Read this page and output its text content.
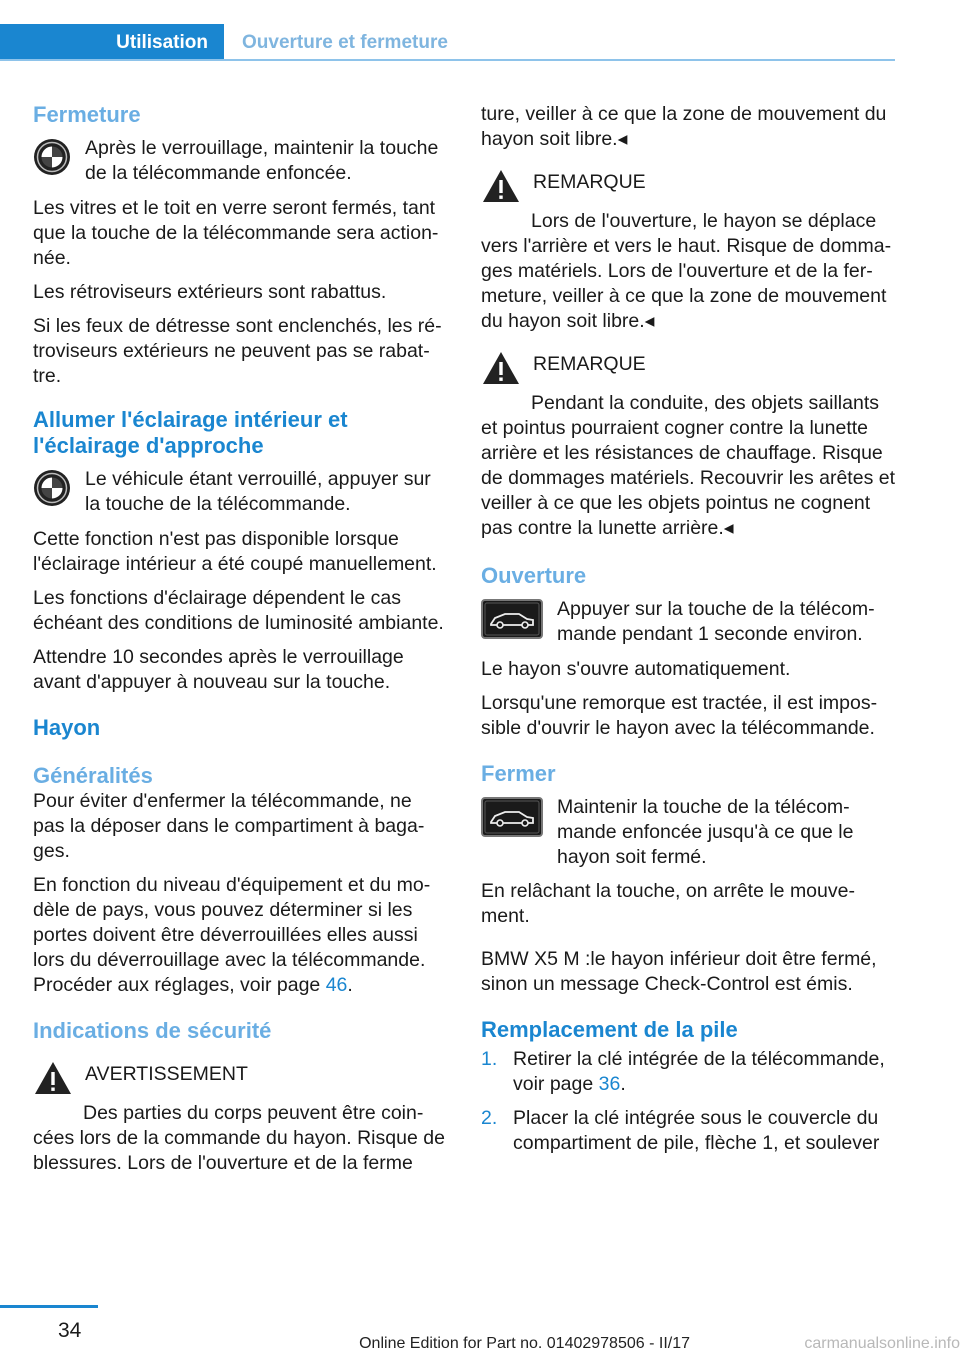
Utilisation	Ouverture et fermeture
Fermeture
Après le verrouillage, maintenir la touche de la télécommande enfoncée.

Les vitres et le toit en verre seront fermés, tant que la touche de la télécommande sera actionnée.

Les rétroviseurs extérieurs sont rabattus.

Si les feux de détresse sont enclenchés, les rétroviseurs extérieurs ne peuvent pas se rabattre.

Allumer l'éclairage intérieur et l'éclairage d'approche
Le véhicule étant verrouillé, appuyer sur la touche de la télécommande.

Cette fonction n'est pas disponible lorsque l'éclairage intérieur a été coupé manuellement.

Les fonctions d'éclairage dépendent le cas échéant des conditions de luminosité ambiante.

Attendre 10 secondes après le verrouillage avant d'appuyer à nouveau sur la touche.

Hayon
Généralités

Pour éviter d'enfermer la télécommande, ne pas la déposer dans le compartiment à bagages.

En fonction du niveau d'équipement et du modèle de pays, vous pouvez déterminer si les portes doivent être déverrouillées elles aussi lors du déverrouillage avec la télécommande. Procéder aux réglages, voir page 46.

Indications de sécurité
AVERTISSEMENT
Des parties du corps peuvent être coincées lors de la commande du hayon. Risque de blessures. Lors de l'ouverture et de la ferme

ture, veiller à ce que la zone de mouvement du hayon soit libre.◂

REMARQUE
Lors de l'ouverture, le hayon se déplace vers l'arrière et vers le haut. Risque de dommages matériels. Lors de l'ouverture et de la fermeture, veiller à ce que la zone de mouvement du hayon soit libre.◂
REMARQUE
Pendant la conduite, des objets saillants et pointus pourraient cogner contre la lunette arrière et les résistances de chauffage. Risque de dommages matériels. Recouvrir les arêtes et veiller à ce que les objets pointus ne cognent pas contre la lunette arrière.◂
Ouverture
Appuyer sur la touche de la télécommande pendant 1 seconde environ.

Le hayon s'ouvre automatiquement.

Lorsqu'une remorque est tractée, il est impossible d'ouvrir le hayon avec la télécommande.

Fermer
Maintenir la touche de la télécommande enfoncée jusqu'à ce que le hayon soit fermé.

En relâchant la touche, on arrête le mouvement.

BMW X5 M :le hayon inférieur doit être fermé, sinon un message Check-Control est émis.

Remplacement de la pile
1. Retirer la clé intégrée de la télécommande, voir page 36.
2. Placer la clé intégrée sous le couvercle du compartiment de pile, flèche 1, et soulever
34
Online Edition for Part no. 01402978506 - II/17	carmanualsonline.info
